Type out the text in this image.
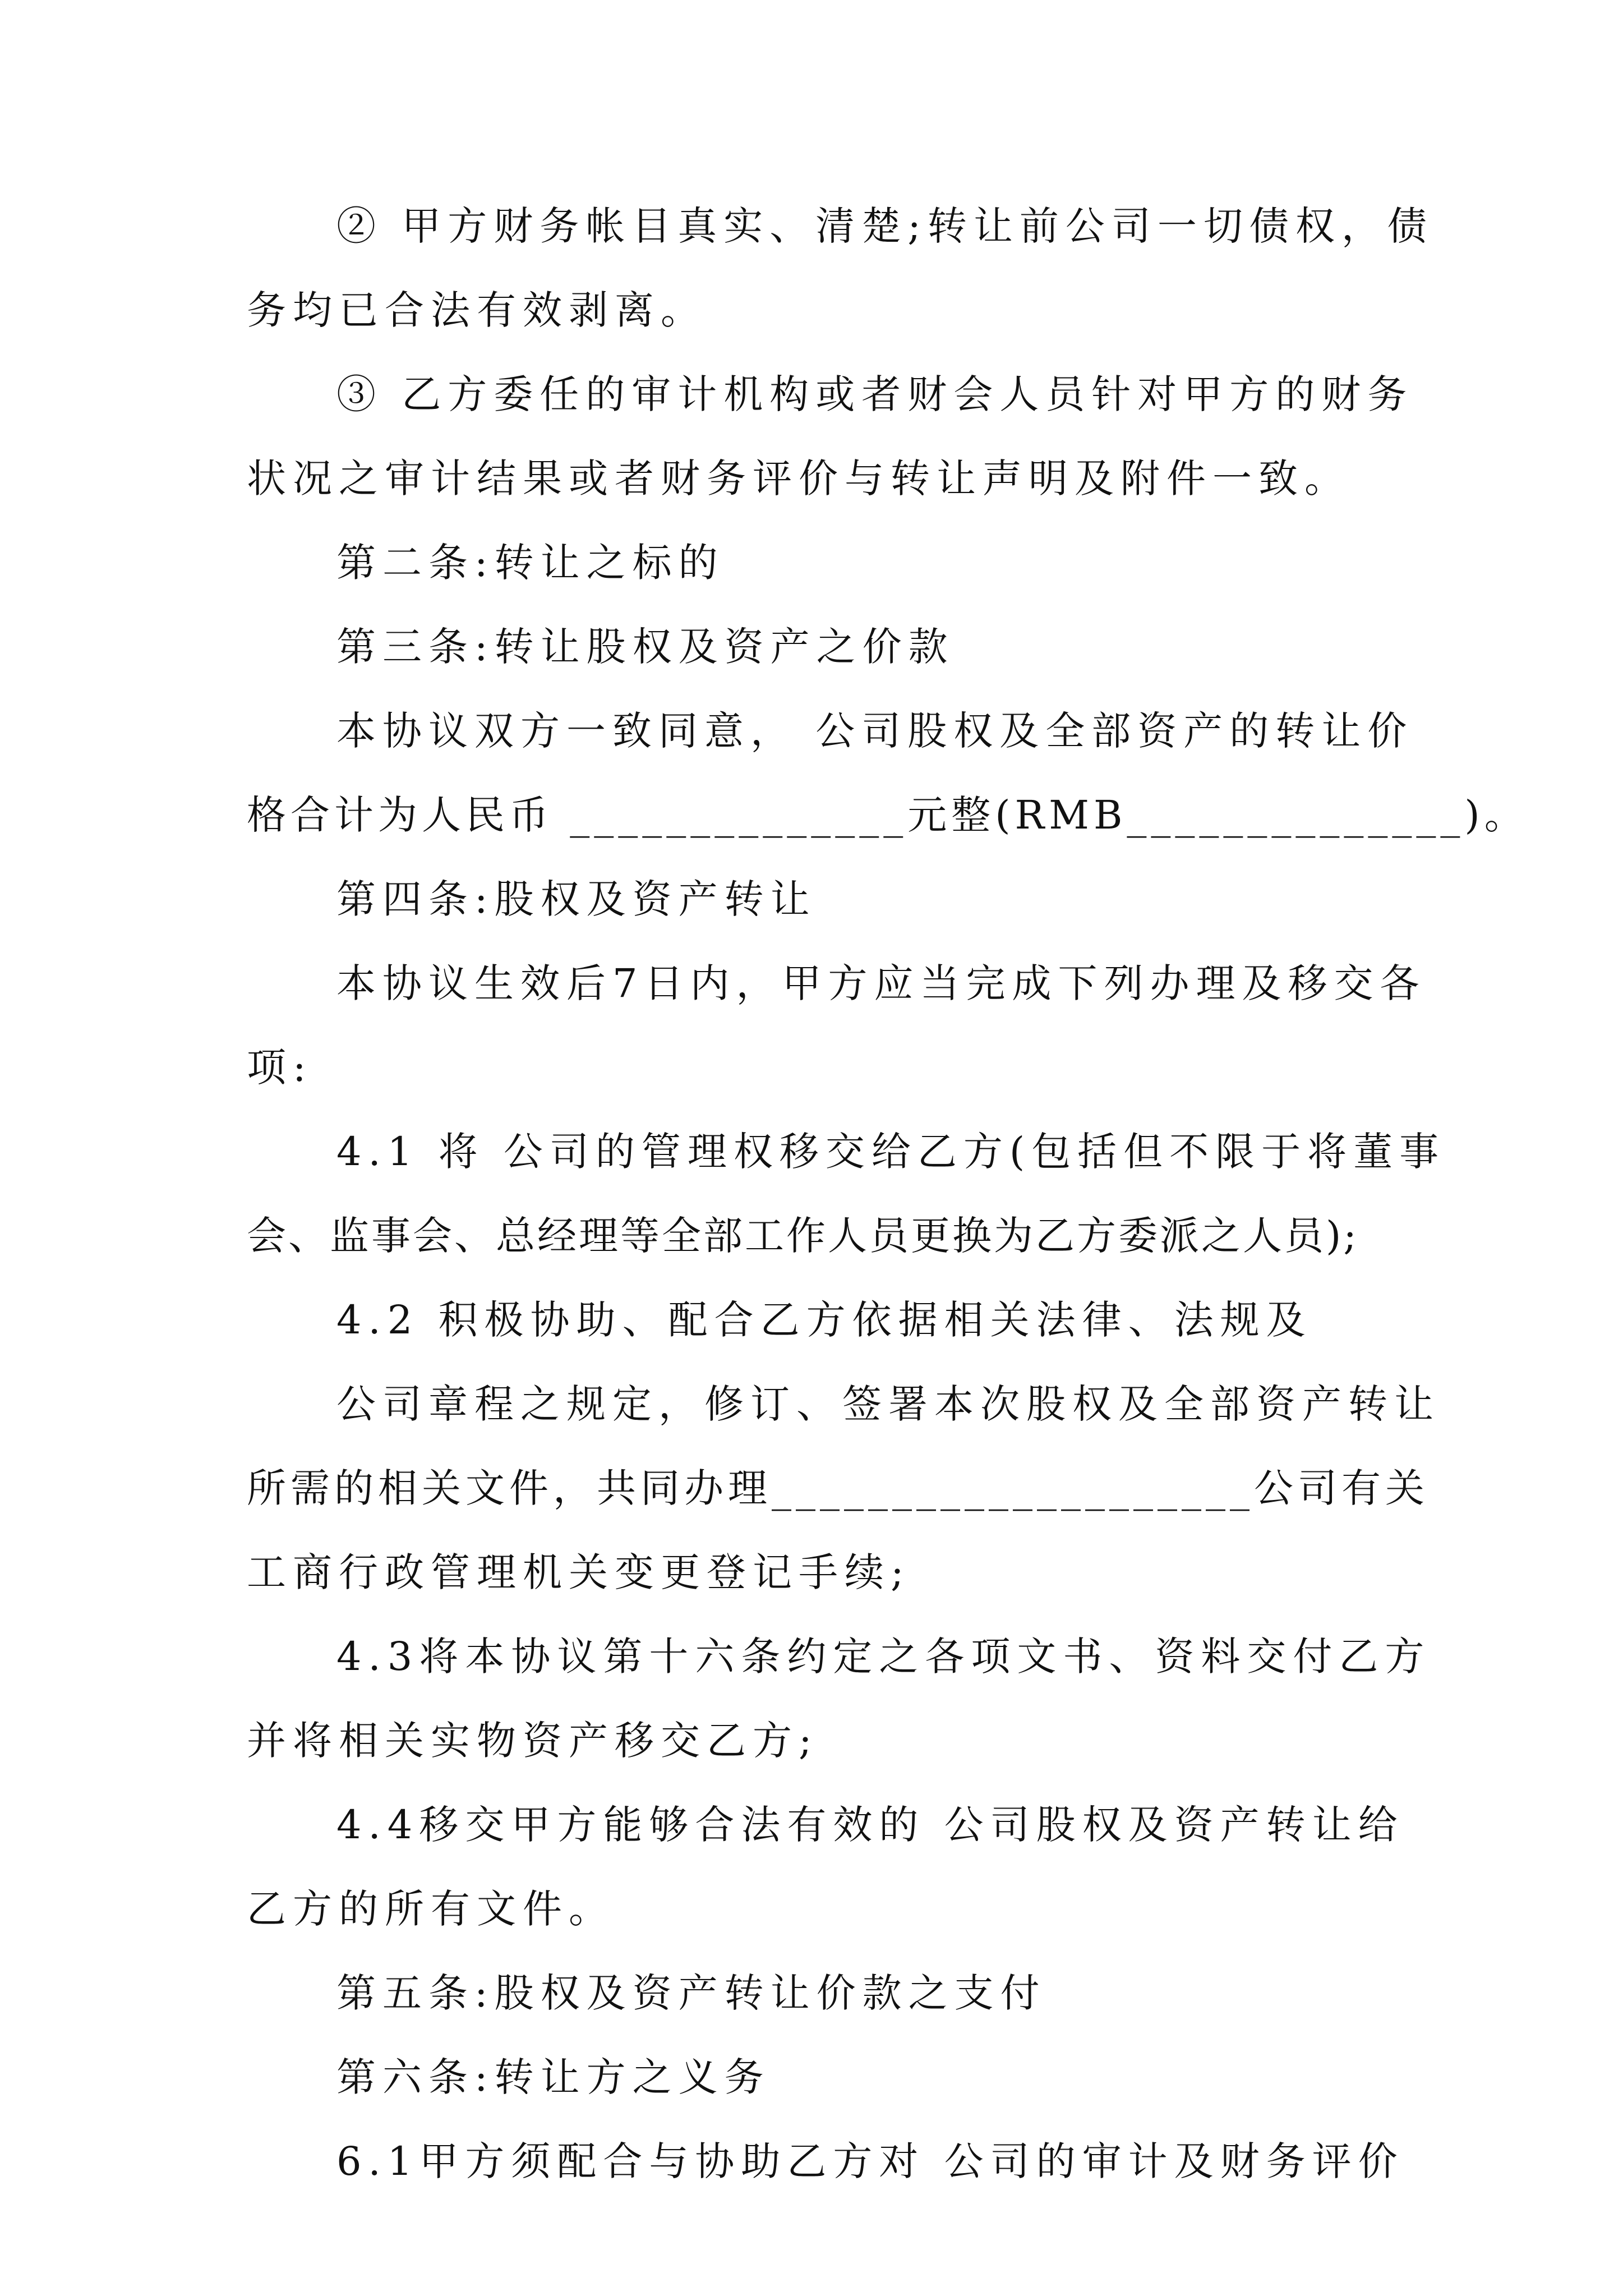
② 甲方财务帐目真实、清楚;转让前公司一切债权，债
务均已合法有效剥离。
③ 乙方委任的审计机构或者财会人员针对甲方的财务
状况之审计结果或者财务评价与转让声明及附件一致。
第二条:转让之标的
第三条:转让股权及资产之价款
本协议双方一致同意， 公司股权及全部资产的转让价
格合计为人民币 ______________元整(RMB______________)。
第四条:股权及资产转让
本协议生效后7日内，甲方应当完成下列办理及移交各
项:
4.1 将 公司的管理权移交给乙方(包括但不限于将董事
会、监事会、总经理等全部工作人员更换为乙方委派之人员);
4.2 积极协助、配合乙方依据相关法律、法规及
公司章程之规定，修订、签署本次股权及全部资产转让
所需的相关文件，共同办理____________________公司有关
工商行政管理机关变更登记手续;
4.3将本协议第十六条约定之各项文书、资料交付乙方
并将相关实物资产移交乙方;
4.4移交甲方能够合法有效的 公司股权及资产转让给
乙方的所有文件。
第五条:股权及资产转让价款之支付
第六条:转让方之义务
6.1甲方须配合与协助乙方对 公司的审计及财务评价
